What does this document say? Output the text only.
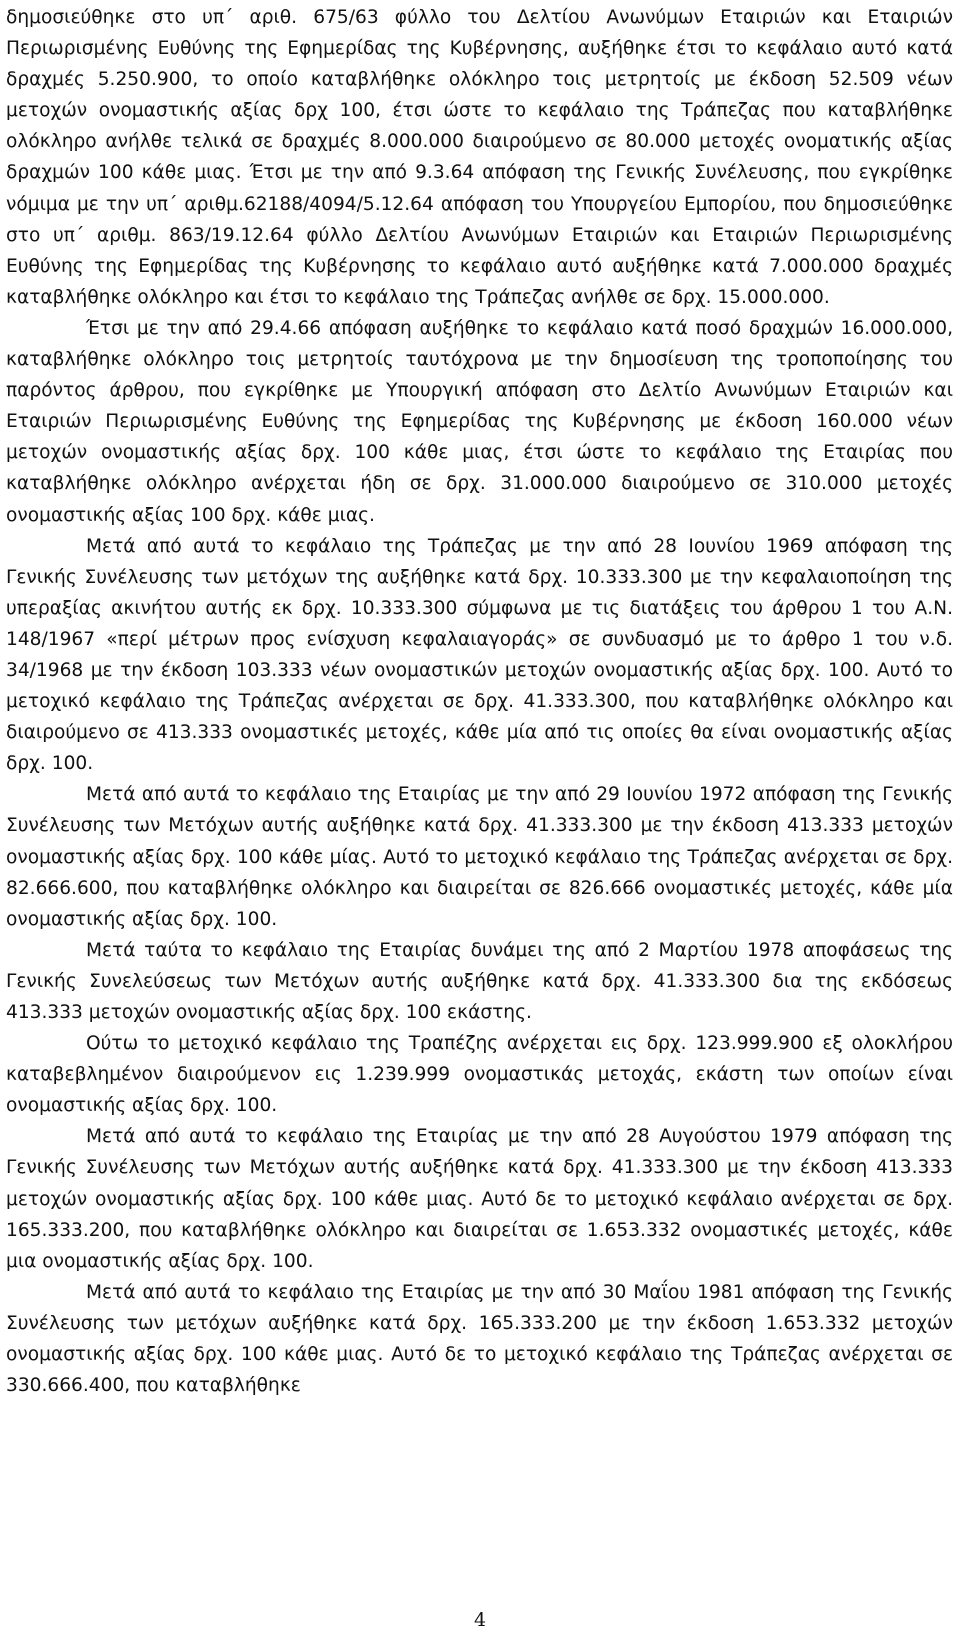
δημοσιεύθηκε στο υπ΄ αριθ. 675/63 φύλλο του Δελτίου Ανωνύμων Εταιριών και Εταιριών Περιωρισμένης Ευθύνης της Εφημερίδας της Κυβέρνησης, αυξήθηκε έτσι το κεφάλαιο αυτό κατά δραχμές 5.250.900, το οποίο καταβλήθηκε ολόκληρο τοις μετρητοίς με έκδοση 52.509 νέων μετοχών ονομαστικής αξίας δρχ 100, έτσι ώστε το κεφάλαιο της Τράπεζας που καταβλήθηκε ολόκληρο ανήλθε τελικά σε δραχμές 8.000.000 διαιρούμενο σε 80.000 μετοχές ονοματικής αξίας δραχμών 100 κάθε μιας. Έτσι με την από 9.3.64 απόφαση της Γενικής Συνέλευσης, που εγκρίθηκε νόμιμα με την υπ΄ αριθμ.62188/4094/5.12.64 απόφαση του Υπουργείου Εμπορίου, που δημοσιεύθηκε στο υπ΄ αριθμ. 863/19.12.64 φύλλο Δελτίου Ανωνύμων Εταιριών και Εταιριών Περιωρισμένης Ευθύνης της Εφημερίδας της Κυβέρνησης το κεφάλαιο αυτό αυξήθηκε κατά 7.000.000 δραχμές καταβλήθηκε ολόκληρο και έτσι το κεφάλαιο της Τράπεζας ανήλθε σε δρχ. 15.000.000.

Έτσι με την από 29.4.66 απόφαση αυξήθηκε το κεφάλαιο κατά ποσό δραχμών 16.000.000, καταβλήθηκε ολόκληρο τοις μετρητοίς ταυτόχρονα με την δημοσίευση της τροποποίησης του παρόντος άρθρου, που εγκρίθηκε με Υπουργική απόφαση στο Δελτίο Ανωνύμων Εταιριών και Εταιριών Περιωρισμένης Ευθύνης της Εφημερίδας της Κυβέρνησης με έκδοση 160.000 νέων μετοχών ονομαστικής αξίας δρχ. 100 κάθε μιας, έτσι ώστε το κεφάλαιο της Εταιρίας που καταβλήθηκε ολόκληρο ανέρχεται ήδη σε δρχ. 31.000.000 διαιρούμενο σε 310.000 μετοχές ονομαστικής αξίας 100 δρχ. κάθε μιας.

Μετά από αυτά το κεφάλαιο της Τράπεζας με την από 28 Ιουνίου 1969 απόφαση της Γενικής Συνέλευσης των μετόχων της αυξήθηκε κατά δρχ. 10.333.300 με την κεφαλαιοποίηση της υπεραξίας ακινήτου αυτής εκ δρχ. 10.333.300 σύμφωνα με τις διατάξεις του άρθρου 1 του Α.Ν. 148/1967 «περί μέτρων προς ενίσχυση κεφαλαιαγοράς» σε συνδυασμό με το άρθρο 1 του ν.δ. 34/1968 με την έκδοση 103.333 νέων ονομαστικών μετοχών ονομαστικής αξίας δρχ. 100. Αυτό το μετοχικό κεφάλαιο της Τράπεζας ανέρχεται σε δρχ. 41.333.300, που καταβλήθηκε ολόκληρο και διαιρούμενο σε 413.333 ονομαστικές μετοχές, κάθε μία από τις οποίες θα είναι ονομαστικής αξίας δρχ. 100.

Μετά από αυτά το κεφάλαιο της Εταιρίας με την από 29 Ιουνίου 1972 απόφαση της Γενικής Συνέλευσης των Μετόχων αυτής αυξήθηκε κατά δρχ. 41.333.300 με την έκδοση 413.333 μετοχών ονομαστικής αξίας δρχ. 100 κάθε μίας. Αυτό το μετοχικό κεφάλαιο της Τράπεζας ανέρχεται σε δρχ. 82.666.600, που καταβλήθηκε ολόκληρο και διαιρείται σε 826.666 ονομαστικές μετοχές, κάθε μία ονομαστικής αξίας δρχ. 100.

Μετά ταύτα το κεφάλαιο της Εταιρίας δυνάμει της από 2 Μαρτίου 1978 αποφάσεως της Γενικής Συνελεύσεως των Μετόχων αυτής αυξήθηκε κατά δρχ. 41.333.300 δια της εκδόσεως 413.333 μετοχών ονομαστικής αξίας δρχ. 100 εκάστης.

Ούτω το μετοχικό κεφάλαιο της Τραπέζης ανέρχεται εις δρχ. 123.999.900 εξ ολοκλήρου καταβεβλημένον διαιρούμενον εις 1.239.999 ονομαστικάς μετοχάς, εκάστη των οποίων είναι ονομαστικής αξίας δρχ. 100.

Μετά από αυτά το κεφάλαιο της Εταιρίας με την από 28 Αυγούστου 1979 απόφαση της Γενικής Συνέλευσης των Μετόχων αυτής αυξήθηκε κατά δρχ. 41.333.300 με την έκδοση 413.333 μετοχών ονομαστικής αξίας δρχ. 100 κάθε μιας. Αυτό δε το μετοχικό κεφάλαιο ανέρχεται σε δρχ. 165.333.200, που καταβλήθηκε ολόκληρο και διαιρείται σε 1.653.332 ονομαστικές μετοχές, κάθε μια ονομαστικής αξίας δρχ. 100.

Μετά από αυτά το κεφάλαιο της Εταιρίας με την από 30 Μαΐου 1981 απόφαση της Γενικής Συνέλευσης των μετόχων αυξήθηκε κατά δρχ. 165.333.200 με την έκδοση 1.653.332 μετοχών ονομαστικής αξίας δρχ. 100 κάθε μιας. Αυτό δε το μετοχικό κεφάλαιο της Τράπεζας ανέρχεται σε 330.666.400, που καταβλήθηκε

4
